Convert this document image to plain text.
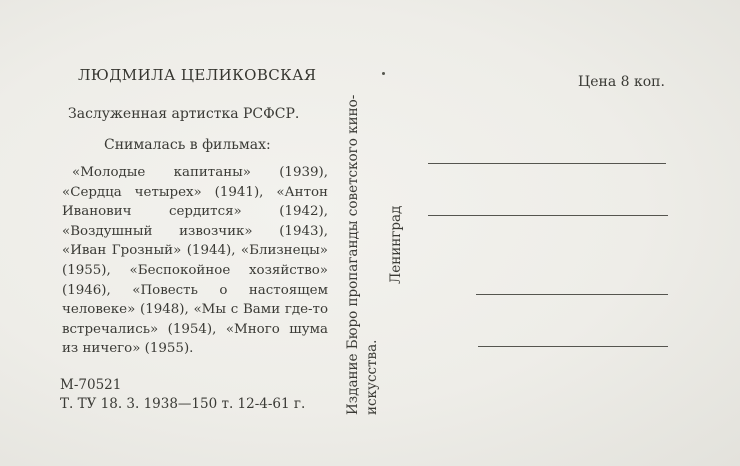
ЛЮДМИЛА ЦЕЛИКОВСКАЯ
Заслуженная артистка РСФСР.
Снималась в фильмах:
«Молодые капитаны» (1939), «Сердца четырех» (1941), «Антон Иванович сердится» (1942), «Воздушный извозчик» (1943), «Иван Грозный» (1944), «Близнецы» (1955), «Беспокойное хозяйство» (1946), «Повесть о настоящем человеке» (1948), «Мы с Вами где-то встречались» (1954), «Много шума из ничего» (1955).
М-70521
Т. ТУ 18. 3. 1938—150 т. 12-4-61 г.	Издание Бюро пропаганды советского кино- искусства.
Ленинград
Цена 8 коп.
